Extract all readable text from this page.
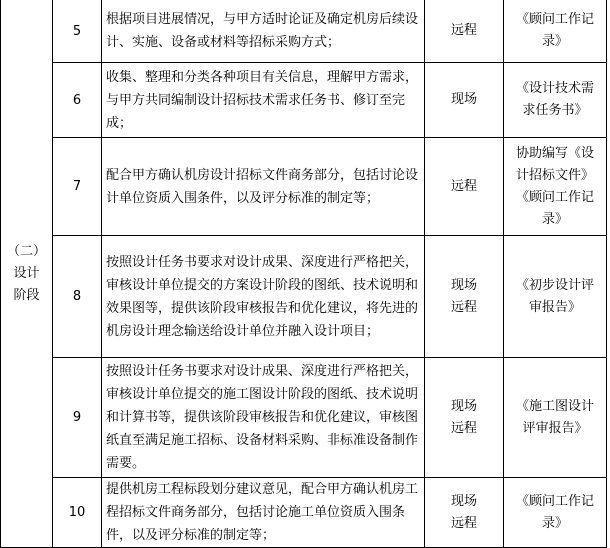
（二）
设计
阶段
5
根据项目进展情况，与甲方适时论证及确定机房后续设计、实施、设备或材料等招标采购方式；
远程
《顾问工作记录》
6
收集、整理和分类各种项目有关信息，理解甲方需求，与甲方共同编制设计招标技术需求任务书、修订至完成；
现场
《设计技术需求任务书》
7
配合甲方确认机房设计招标文件商务部分，包括讨论设计单位资质入围条件，以及评分标准的制定等；
远程
协助编写《设计招标文件》
《顾问工作记录》
8
按照设计任务书要求对设计成果、深度进行严格把关，审核设计单位提交的方案设计阶段的图纸、技术说明和效果图等，提供该阶段审核报告和优化建议，将先进的机房设计理念输送给设计单位并融入设计项目；
现场
远程
《初步设计评审报告》
9
按照设计任务书要求对设计成果、深度进行严格把关，审核设计单位提交的施工图设计阶段的图纸、技术说明和计算书等，提供该阶段审核报告和优化建议，审核图纸直至满足施工招标、设备材料采购、非标准设备制作需要。
现场
远程
《施工图设计评审报告》
10
提供机房工程标段划分建议意见，配合甲方确认机房工程招标文件商务部分，包括讨论施工单位资质入围条件，以及评分标准的制定等；
现场
远程
《顾问工作记录》
